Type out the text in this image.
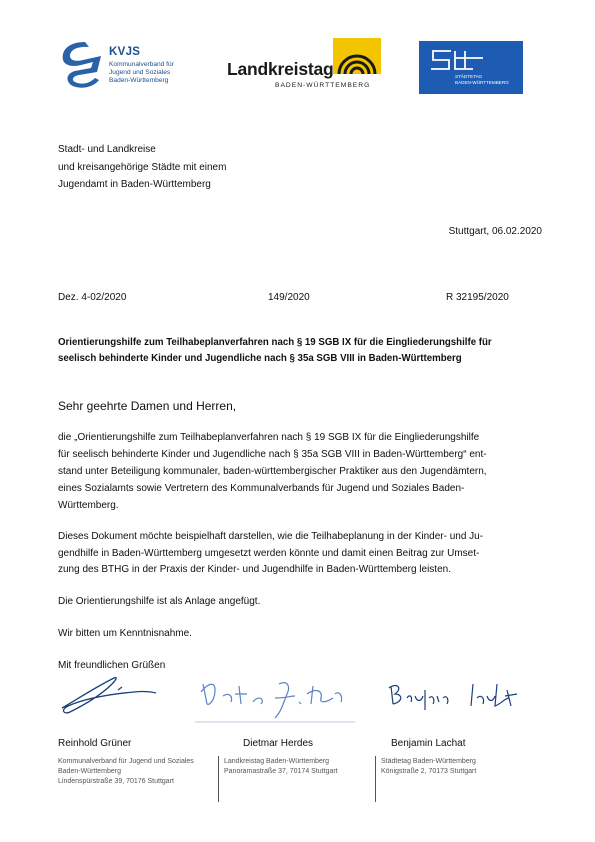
KVJS
Kommunalverband für
Jugend und Soziales
Baden-Württemberg
Landkreistag
BADEN-WÜRTTEMBERG
STÄDTETAG
BADEN-WÜRTTEMBERG
Stadt- und Landkreise
und kreisangehörige Städte mit einem
Jugendamt in Baden-Württemberg
Stuttgart, 06.02.2020
Dez. 4-02/2020	149/2020	R 32195/2020
Orientierungshilfe zum Teilhabeplanverfahren nach § 19 SGB IX für die Eingliederungshilfe für
seelisch behinderte Kinder und Jugendliche nach § 35a SGB VIII in Baden-Württemberg
Sehr geehrte Damen und Herren,
die „Orientierungshilfe zum Teilhabeplanverfahren nach § 19 SGB IX für die Eingliederungshilfe
für seelisch behinderte Kinder und Jugendliche nach § 35a SGB VIII in Baden-Württemberg“ ent-
stand unter Beteiligung kommunaler, baden-württembergischer Praktiker aus den Jugendämtern,
eines Sozialamts sowie Vertretern des Kommunalverbands für Jugend und Soziales Baden-
Württemberg.
Dieses Dokument möchte beispielhaft darstellen, wie die Teilhabeplanung in der Kinder- und Ju-
gendhilfe in Baden-Württemberg umgesetzt werden könnte und damit einen Beitrag zur Umset-
zung des BTHG in der Praxis der Kinder- und Jugendhilfe in Baden-Württemberg leisten.
Die Orientierungshilfe ist als Anlage angefügt.
Wir bitten um Kenntnisnahme.
Mit freundlichen Grüßen
Reinhold Grüner	Dietmar Herdes	Benjamin Lachat
Kommunalverband für Jugend und Soziales
Baden-Württemberg
Lindenspürstraße 39, 70176 Stuttgart
Landkreistag Baden-Württemberg
Panoramastraße 37, 70174 Stuttgart
Städtetag Baden-Württemberg
Königstraße 2, 70173 Stuttgart
